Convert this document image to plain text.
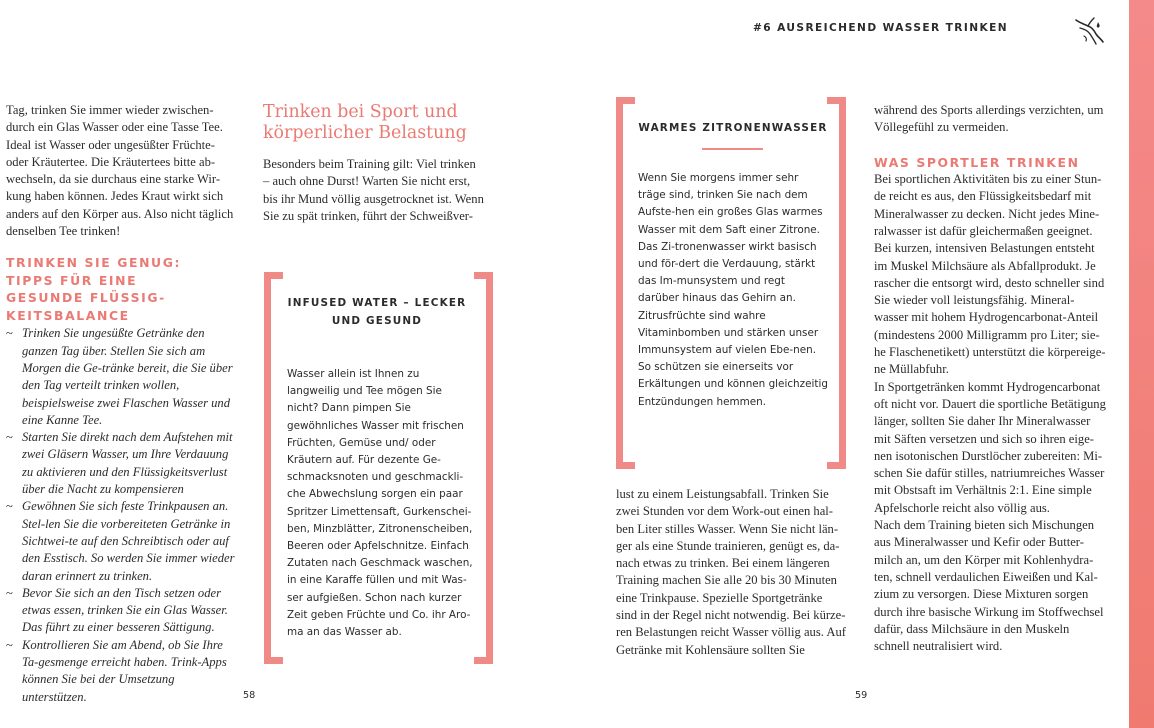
#6 AUSREICHEND WASSER TRINKEN

Tag, trinken Sie immer wieder zwischen-durch ein Glas Wasser oder eine Tasse Tee. Ideal ist Wasser oder ungesüßter Früchte- oder Kräutertee. Die Kräutertees bitte ab-wechseln, da sie durchaus eine starke Wir-kung haben können. Jedes Kraut wirkt sich anders auf den Körper aus. Also nicht täglich denselben Tee trinken!

TRINKEN SIE GENUG: TIPPS FÜR EINE GESUNDE FLÜSSIG-KEITSBALANCE
~ Trinken Sie ungesüßte Getränke den ganzen Tag über. Stellen Sie sich am Morgen die Ge-tränke bereit, die Sie über den Tag verteilt trinken wollen, beispielsweise zwei Flaschen Wasser und eine Kanne Tee.
~ Starten Sie direkt nach dem Aufstehen mit zwei Gläsern Wasser, um Ihre Verdauung zu aktivieren und den Flüssigkeitsverlust über die Nacht zu kompensieren
~ Gewöhnen Sie sich feste Trinkpausen an. Stel-len Sie die vorbereiteten Getränke in Sichtwei-te auf den Schreibtisch oder auf den Esstisch. So werden Sie immer wieder daran erinnert zu trinken.
~ Bevor Sie sich an den Tisch setzen oder etwas essen, trinken Sie ein Glas Wasser. Das führt zu einer besseren Sättigung.
~ Kontrollieren Sie am Abend, ob Sie Ihre Ta-gesmenge erreicht haben. Trink-Apps können Sie bei der Umsetzung unterstützen.
Trinken bei Sport und körperlicher Belastung

Besonders beim Training gilt: Viel trinken – auch ohne Durst! Warten Sie nicht erst, bis ihr Mund völlig ausgetrocknet ist. Wenn Sie zu spät trinken, führt der Schweißver-

INFUSED WATER – LECKER UND GESUND

Wasser allein ist Ihnen zu langweilig und Tee mögen Sie nicht? Dann pimpen Sie gewöhnliches Wasser mit frischen Früchten, Gemüse und/ oder Kräutern auf. Für dezente Ge-schmacksnoten und geschmackli-che Abwechslung sorgen ein paar Spritzer Limettensaft, Gurkenschei-ben, Minzblätter, Zitronenscheiben, Beeren oder Apfelschnitze. Einfach Zutaten nach Geschmack waschen, in eine Karaffe füllen und mit Was-ser aufgießen. Schon nach kurzer Zeit geben Früchte und Co. ihr Aro-ma an das Wasser ab.

WARMES ZITRONENWASSER

Wenn Sie morgens immer sehr träge sind, trinken Sie nach dem Aufste-hen ein großes Glas warmes Wasser mit dem Saft einer Zitrone. Das Zi-tronenwasser wirkt basisch und för-dert die Verdauung, stärkt das Im-munsystem und regt darüber hinaus das Gehirn an. Zitrusfrüchte sind wahre Vitaminbomben und stärken unser Immunsystem auf vielen Ebe-nen. So schützen sie einerseits vor Erkältungen und können gleichzeitig Entzündungen hemmen.

lust zu einem Leistungsabfall. Trinken Sie zwei Stunden vor dem Work-out einen hal-ben Liter stilles Wasser. Wenn Sie nicht län-ger als eine Stunde trainieren, genügt es, da-nach etwas zu trinken. Bei einem längeren Training machen Sie alle 20 bis 30 Minuten eine Trinkpause. Spezielle Sportgetränke sind in der Regel nicht notwendig. Bei kürze-ren Belastungen reicht Wasser völlig aus. Auf Getränke mit Kohlensäure sollten Sie

während des Sports allerdings verzichten, um Völlegefühl zu vermeiden.

WAS SPORTLER TRINKEN

Bei sportlichen Aktivitäten bis zu einer Stun-de reicht es aus, den Flüssigkeitsbedarf mit Mineralwasser zu decken. Nicht jedes Mine-ralwasser ist dafür gleichermaßen geeignet. Bei kurzen, intensiven Belastungen entsteht im Muskel Milchsäure als Abfallprodukt. Je rascher die entsorgt wird, desto schneller sind Sie wieder voll leistungsfähig. Mineral-wasser mit hohem Hydrogencarbonat-Anteil (mindestens 2000 Milligramm pro Liter; sie-he Flaschenetikett) unterstützt die körpereige-ne Müllabfuhr.

In Sportgetränken kommt Hydrogencarbonat oft nicht vor. Dauert die sportliche Betätigung länger, sollten Sie daher Ihr Mineralwasser mit Säften versetzen und sich so ihren eige-nen isotonischen Durstlöcher zubereiten: Mi-schen Sie dafür stilles, natriumreiches Wasser mit Obstsaft im Verhältnis 2:1. Eine simple Apfelschorle reicht also völlig aus.

Nach dem Training bieten sich Mischungen aus Mineralwasser und Kefir oder Butter-milch an, um den Körper mit Kohlenhydra-ten, schnell verdaulichen Eiweißen und Kal-zium zu versorgen. Diese Mixturen sorgen durch ihre basische Wirkung im Stoffwechsel dafür, dass Milchsäure in den Muskeln schnell neutralisiert wird.

58	59
